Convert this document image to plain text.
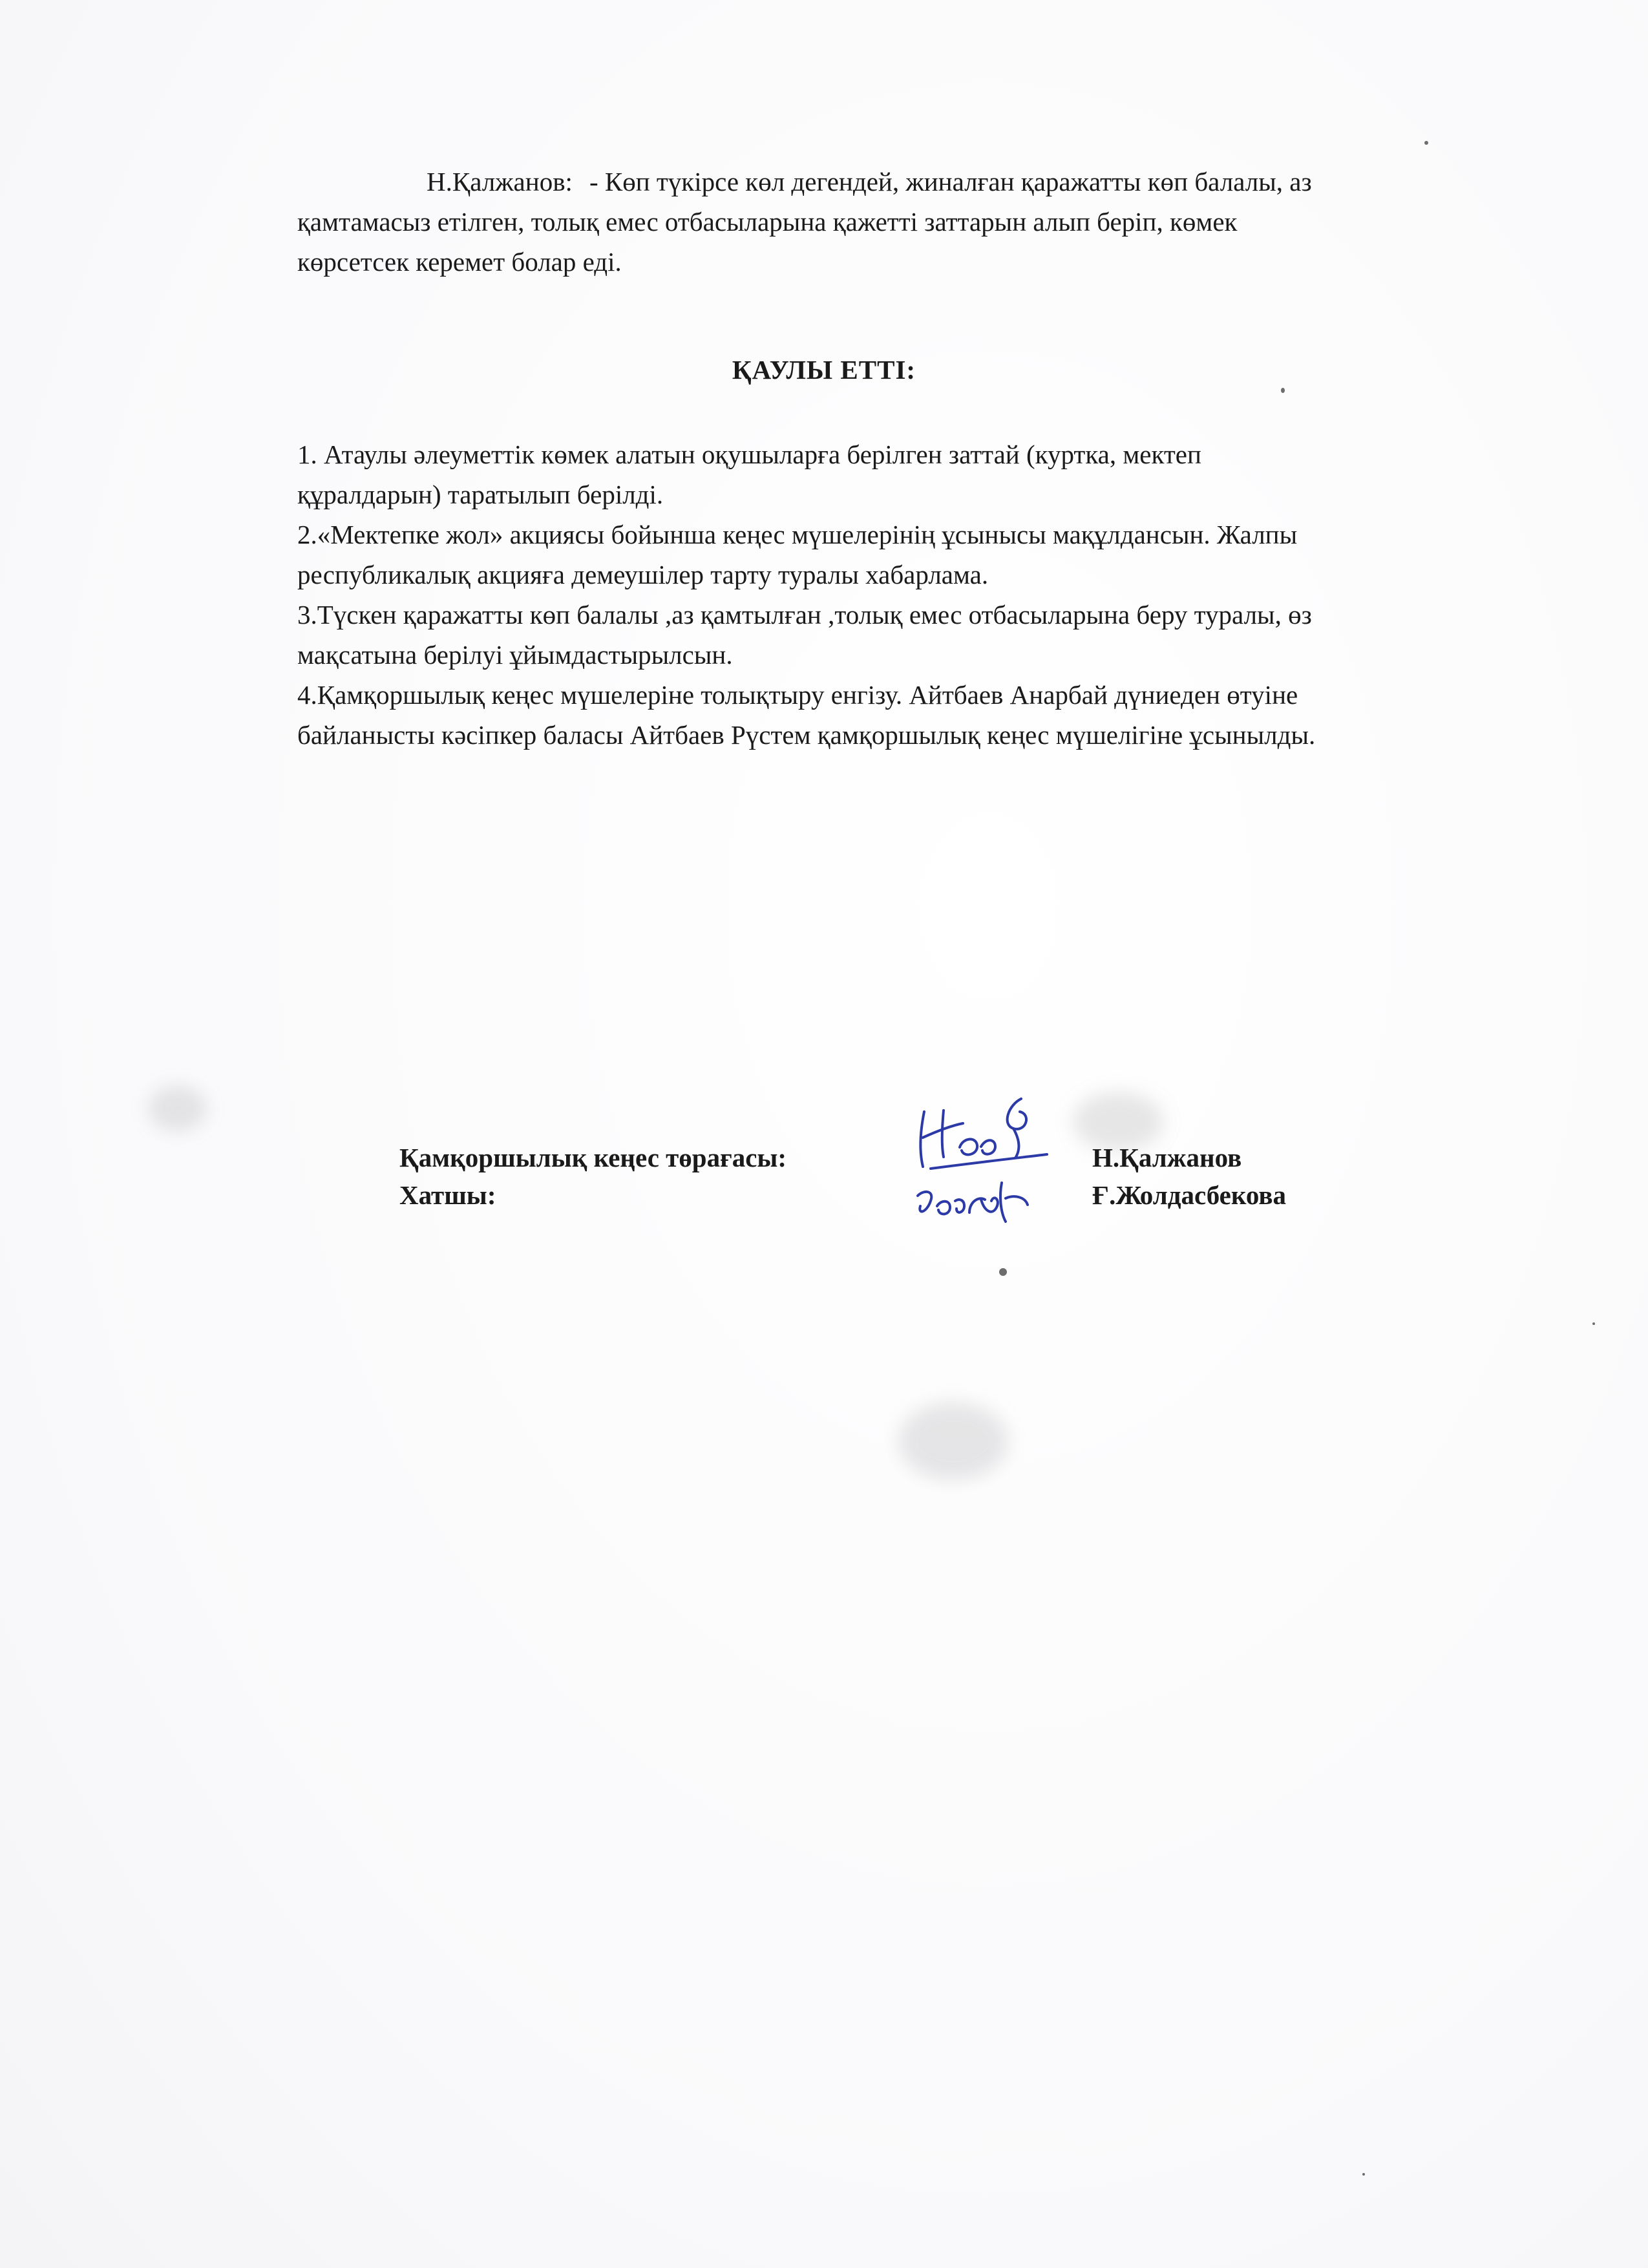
Н.Қалжанов: - Көп түкірсе көл дегендей, жиналған қаражатты көп балалы, аз
қамтамасыз етілген, толық емес отбасыларына қажетті заттарын алып беріп, көмек
көрсетсек керемет болар еді.
ҚАУЛЫ ЕТТІ:
1. Атаулы әлеуметтік көмек алатын оқушыларға берілген заттай (куртка, мектеп
құралдарын) таратылып берілді.
2.«Мектепке жол» акциясы бойынша кеңес мүшелерінің ұсынысы мақұлдансын. Жалпы
республикалық акцияға демеушілер тарту туралы хабарлама.
3.Түскен қаражатты көп балалы ,аз қамтылған ,толық емес отбасыларына беру туралы, өз
мақсатына берілуі ұйымдастырылсын.
4.Қамқоршылық кеңес мүшелеріне толықтыру енгізу. Айтбаев Анарбай дүниеден өтуіне
байланысты кәсіпкер баласы Айтбаев Рүстем қамқоршылық кеңес мүшелігіне ұсынылды.
Қамқоршылық кеңес төрағасы:	Н.Қалжанов
Хатшы:	Ғ.Жолдасбекова
